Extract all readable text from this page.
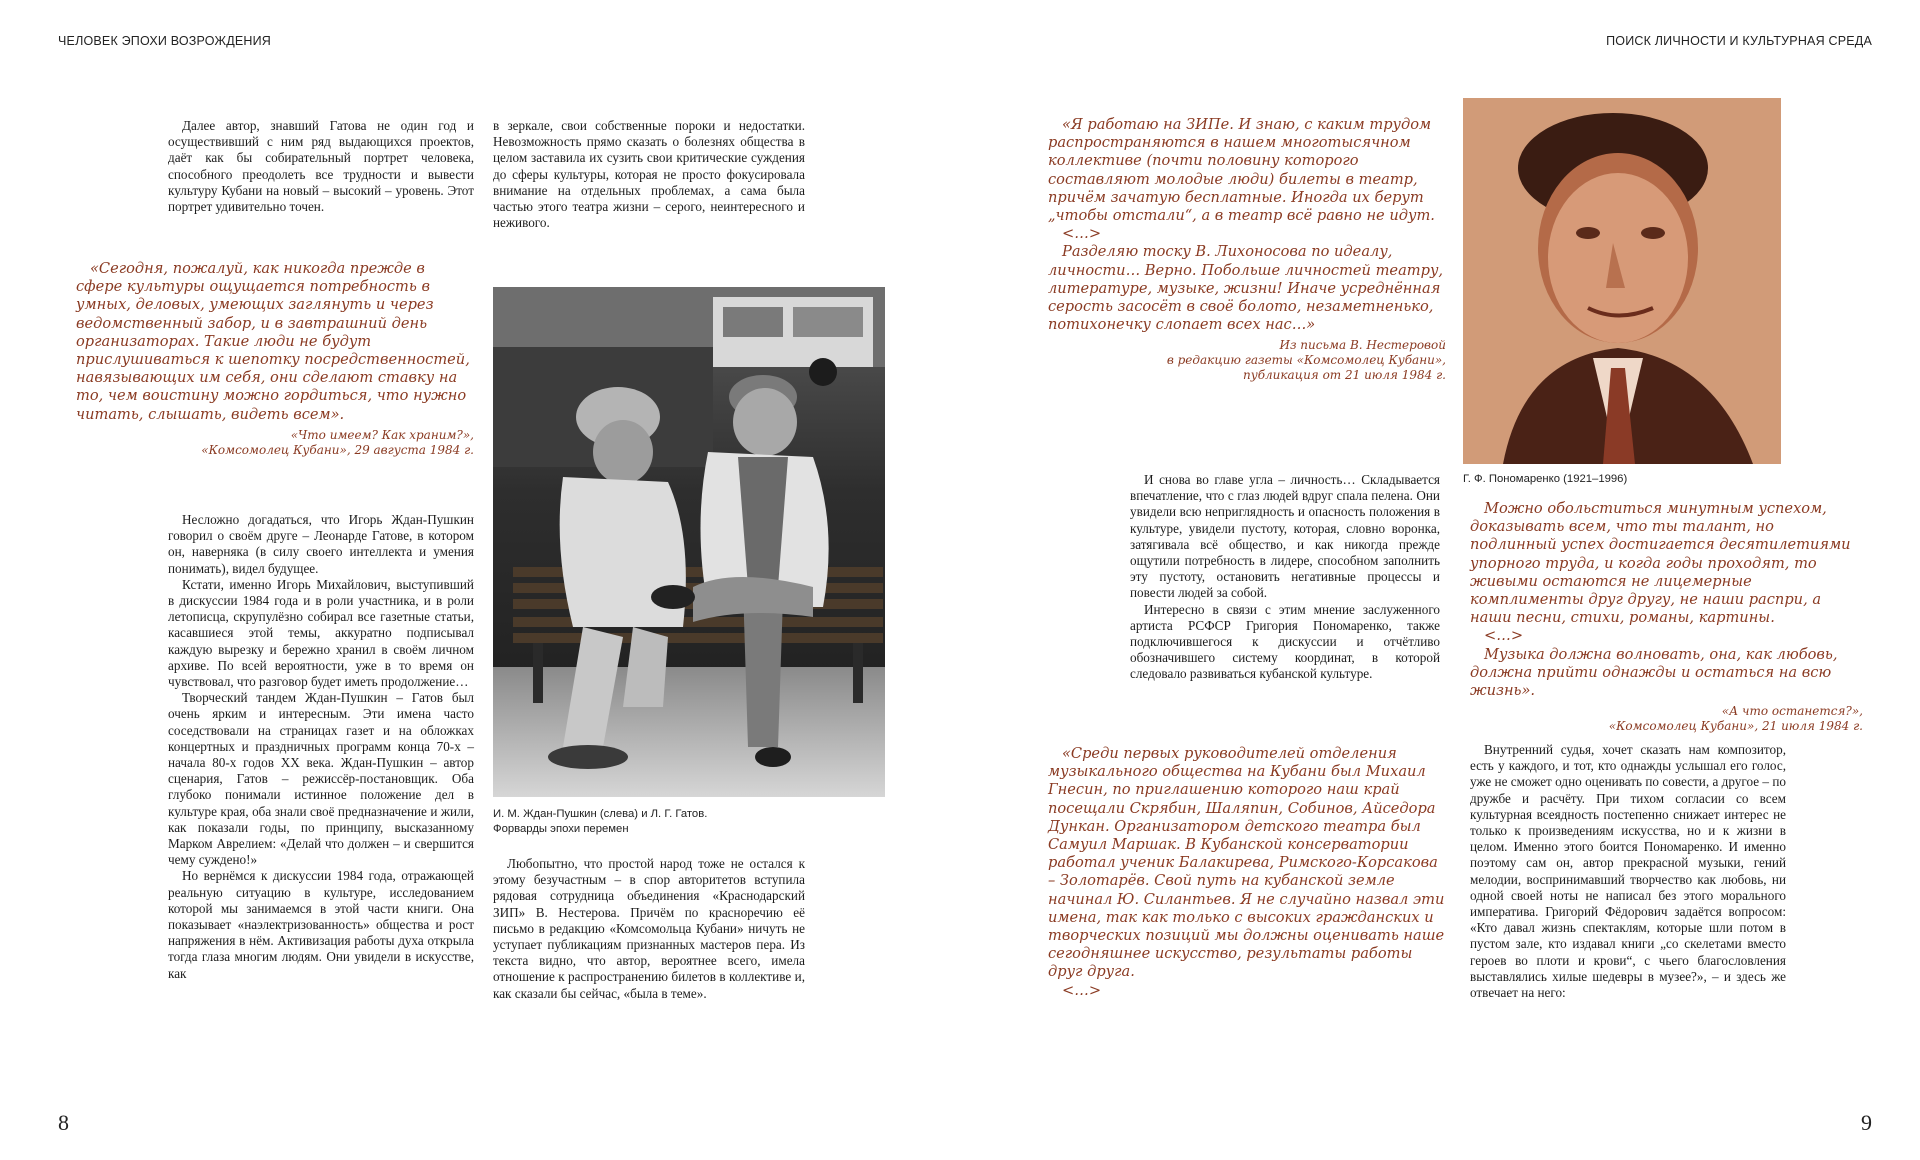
ЧЕЛОВЕК ЭПОХИ ВОЗРОЖДЕНИЯ
8

Далее автор, знавший Гатова не один год и осуществивший с ним ряд выдающихся проектов, даёт как бы собирательный портрет человека, способного преодолеть все трудности и вывести культуру Кубани на новый – высокий – уровень. Этот портрет удивительно точен.

«Сегодня, пожалуй, как никогда прежде в сфере культуры ощущается потребность в умных, деловых, умеющих заглянуть и через ведомственный забор, и в завтрашний день организаторах. Такие люди не будут прислушиваться к шепотку посредственностей, навязывающих им себя, они сделают ставку на то, чем воистину можно гордиться, что нужно читать, слышать, видеть всем».

«Что имеем? Как храним?»,
«Комсомолец Кубани», 29 августа 1984 г.

Несложно догадаться, что Игорь Ждан-Пушкин говорил о своём друге – Леонарде Гатове, в котором он, наверняка (в силу своего интеллекта и умения понимать), видел будущее.

Кстати, именно Игорь Михайлович, выступивший в дискуссии 1984 года и в роли участника, и в роли летописца, скрупулёзно собирал все газетные статьи, касавшиеся этой темы, аккуратно подписывал каждую вырезку и бережно хранил в своём личном архиве. По всей вероятности, уже в то время он чувствовал, что разговор будет иметь продолжение…

Творческий тандем Ждан-Пушкин – Гатов был очень ярким и интересным. Эти имена часто соседствовали на страницах газет и на обложках концертных и праздничных программ конца 70-х – начала 80-х годов XX века. Ждан-Пушкин – автор сценария, Гатов – режиссёр-постановщик. Оба глубоко понимали истинное положение дел в культуре края, оба знали своё предназначение и жили, как показали годы, по принципу, высказанному Марком Аврелием: «Делай что должен – и свершится чему суждено!»

Но вернёмся к дискуссии 1984 года, отражающей реальную ситуацию в культуре, исследованием которой мы занимаемся в этой части книги. Она показывает «наэлектризованность» общества и рост напряжения в нём. Активизация работы духа открыла тогда глаза многим людям. Они увидели в искусстве, как

в зеркале, свои собственные пороки и недостатки. Невозможность прямо сказать о болезнях общества в целом заставила их сузить свои критические суждения до сферы культуры, которая не просто фокусировала внимание на отдельных проблемах, а сама была частью этого театра жизни – серого, неинтересного и неживого.

И. М. Ждан-Пушкин (слева) и Л. Г. Гатов.
Форварды эпохи перемен

Любопытно, что простой народ тоже не остался к этому безучастным – в спор авторитетов вступила рядовая сотрудница объединения «Краснодарский ЗИП» В. Нестерова. Причём по красноречию её письмо в редакцию «Комсомольца Кубани» ничуть не уступает публикациям признанных мастеров пера. Из текста видно, что автор, вероятнее всего, имела отношение к распространению билетов в коллективе и, как сказали бы сейчас, «была в теме».

ПОИСК ЛИЧНОСТИ И КУЛЬТУРНАЯ СРЕДА
9

«Я работаю на ЗИПе. И знаю, с каким трудом распространяются в нашем многотысячном коллективе (почти половину которого составляют молодые люди) билеты в театр, причём зачатую бесплатные. Иногда их берут „чтобы отстали“, а в театр всё равно не идут.

<…>

Разделяю тоску В. Лихоносова по идеалу, личности… Верно. Побольше личностей театру, литературе, музыке, жизни! Иначе усреднённая серость засосёт в своё болото, незаметненько, потихонечку слопает всех нас…»

Из письма В. Нестеровой
в редакцию газеты «Комсомолец Кубани»,
публикация от 21 июля 1984 г.

И снова во главе угла – личность… Складывается впечатление, что с глаз людей вдруг спала пелена. Они увидели всю неприглядность и опасность положения в культуре, увидели пустоту, которая, словно воронка, затягивала всё общество, и как никогда прежде ощутили потребность в лидере, способном заполнить эту пустоту, остановить негативные процессы и повести людей за собой.

Интересно в связи с этим мнение заслуженного артиста РСФСР Григория Пономаренко, также подключившегося к дискуссии и отчётливо обозначившего систему координат, в которой следовало развиваться кубанской культуре.

«Среди первых руководителей отделения музыкального общества на Кубани был Михаил Гнесин, по приглашению которого наш край посещали Скрябин, Шаляпин, Собинов, Айседора Дункан. Организатором детского театра был Самуил Маршак. В Кубанской консерватории работал ученик Балакирева, Римского-Корсакова – Золотарёв. Свой путь на кубанской земле начинал Ю. Силантьев. Я не случайно назвал эти имена, так как только с высоких гражданских и творческих позиций мы должны оценивать наше сегодняшнее искусство, результаты работы друг друга.

<…>

Г. Ф. Пономаренко (1921–1996)

Можно обольститься минутным успехом, доказывать всем, что ты талант, но подлинный успех достигается десятилетиями упорного труда, и когда годы проходят, то живыми остаются не лицемерные комплименты друг другу, не наши распри, а наши песни, стихи, романы, картины.

<…>

Музыка должна волновать, она, как любовь, должна прийти однажды и остаться на всю жизнь».

«А что останется?»,
«Комсомолец Кубани», 21 июля 1984 г.

Внутренний судья, хочет сказать нам композитор, есть у каждого, и тот, кто однажды услышал его голос, уже не сможет одно оценивать по совести, а другое – по дружбе и расчёту. При тихом согласии со всем культурная всеядность постепенно снижает интерес не только к произведениям искусства, но и к жизни в целом. Именно этого боится Пономаренко. И именно поэтому сам он, автор прекрасной музыки, гений мелодии, воспринимавший творчество как любовь, ни одной своей ноты не написал без этого морального императива. Григорий Фёдорович задаётся вопросом: «Кто давал жизнь спектаклям, которые шли потом в пустом зале, кто издавал книги „со скелетами вместо героев во плоти и крови“, с чьего благословления выставлялись хилые шедевры в музее?», – и здесь же отвечает на него:
